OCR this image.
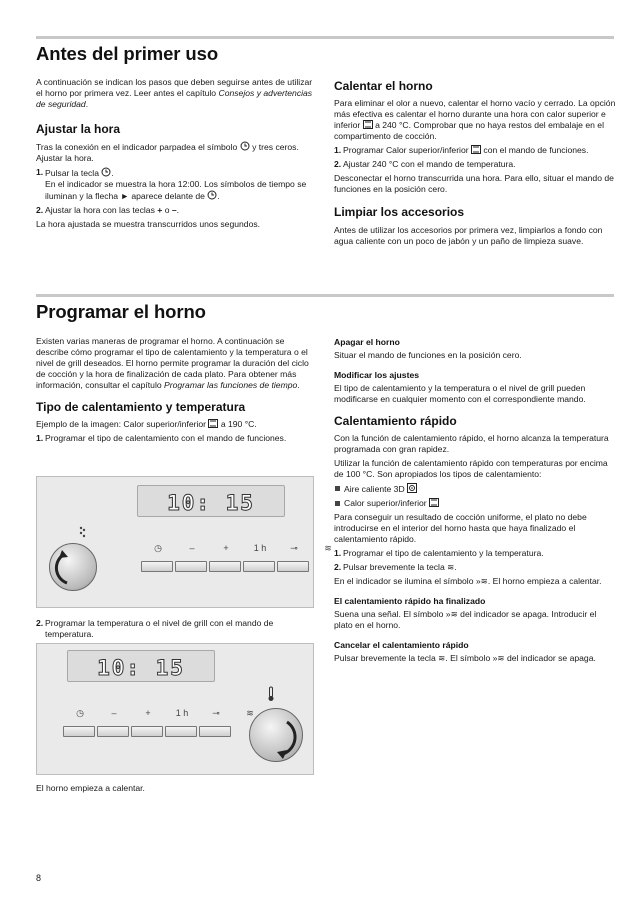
Antes del primer uso

A continuación se indican los pasos que deben seguirse antes de utilizar el horno por primera vez. Leer antes el capítulo Consejos y advertencias de seguridad.

Ajustar la hora

Tras la conexión en el indicador parpadea el símbolo y tres ceros. Ajustar la hora.

1. Pulsar la tecla .
En el indicador se muestra la hora 12:00. Los símbolos de tiempo se iluminan y la flecha ► aparece delante de .
2. Ajustar la hora con las teclas + o –.

La hora ajustada se muestra transcurridos unos segundos.

Calentar el horno

Para eliminar el olor a nuevo, calentar el horno vacío y cerrado. La opción más efectiva es calentar el horno durante una hora con calor superior e inferior a 240 °C. Comprobar que no haya restos del embalaje en el compartimento de cocción.

1. Programar Calor superior/inferior con el mando de funciones.
2. Ajustar 240 °C con el mando de temperatura.

Desconectar el horno transcurrida una hora. Para ello, situar el mando de funciones en la posición cero.

Limpiar los accesorios

Antes de utilizar los accesorios por primera vez, limpiarlos a fondo con agua caliente con un poco de jabón y un paño de limpieza suave.

Programar el horno

Existen varias maneras de programar el horno. A continuación se describe cómo programar el tipo de calentamiento y la temperatura o el nivel de grill deseados. El horno permite programar la duración del ciclo de cocción y la hora de finalización de cada plato. Para obtener más información, consultar el capítulo Programar las funciones de tiempo.

Tipo de calentamiento y temperatura

Ejemplo de la imagen: Calor superior/inferior a 190 °C.

1. Programar el tipo de calentamiento con el mando de funciones.
10: 15
◷	–	+	1 h	⊸	≋
2. Programar la temperatura o el nivel de grill con el mando de temperatura.
10: 15
◷	–	+	1 h	⊸	≋

El horno empieza a calentar.

Apagar el horno

Situar el mando de funciones en la posición cero.

Modificar los ajustes

El tipo de calentamiento y la temperatura o el nivel de grill pueden modificarse en cualquier momento con el correspondiente mando.

Calentamiento rápido

Con la función de calentamiento rápido, el horno alcanza la temperatura programada con gran rapidez.

Utilizar la función de calentamiento rápido con temperaturas por encima de 100 °C. Son apropiados los tipos de calentamiento:

Aire caliente 3D
Calor superior/inferior

Para conseguir un resultado de cocción uniforme, el plato no debe introducirse en el interior del horno hasta que haya finalizado el calentamiento rápido.

1. Programar el tipo de calentamiento y la temperatura.
2. Pulsar brevemente la tecla ≋.

En el indicador se ilumina el símbolo »≋. El horno empieza a calentar.

El calentamiento rápido ha finalizado

Suena una señal. El símbolo »≋ del indicador se apaga. Introducir el plato en el horno.

Cancelar el calentamiento rápido

Pulsar brevemente la tecla ≋. El símbolo »≋ del indicador se apaga.

8
